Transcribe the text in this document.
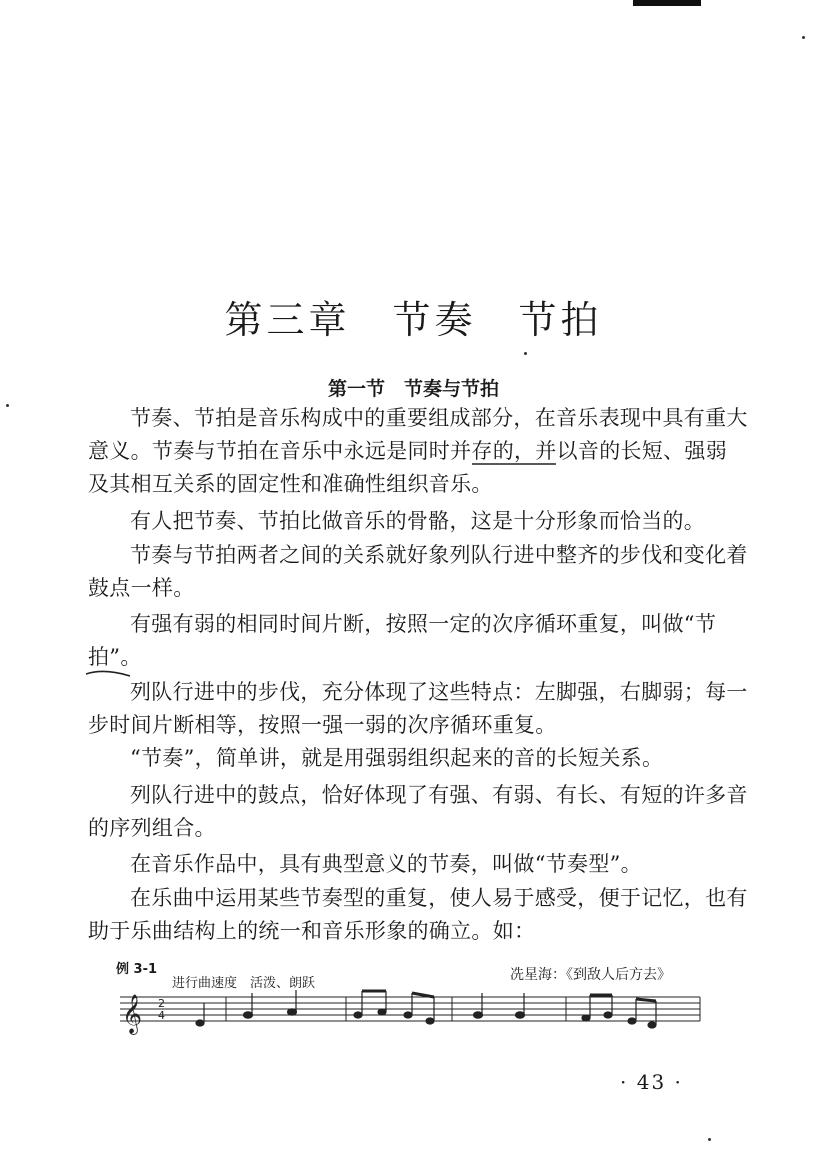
第三章　节奏　节拍
第一节　节奏与节拍

节奏、节拍是音乐构成中的重要组成部分，在音乐表现中具有重大意义。节奏与节拍在音乐中永远是同时并存的，并以音的长短、强弱及其相互关系的固定性和准确性组织音乐。

有人把节奏、节拍比做音乐的骨骼，这是十分形象而恰当的。

节奏与节拍两者之间的关系就好象列队行进中整齐的步伐和变化着鼓点一样。

有强有弱的相同时间片断，按照一定的次序循环重复，叫做“节拍”。

列队行进中的步伐，充分体现了这些特点：左脚强，右脚弱；每一步时间片断相等，按照一强一弱的次序循环重复。

“节奏”，简单讲，就是用强弱组织起来的音的长短关系。

列队行进中的鼓点，恰好体现了有强、有弱、有长、有短的许多音的序列组合。

在音乐作品中，具有典型意义的节奏，叫做“节奏型”。

在乐曲中运用某些节奏型的重复，使人易于感受，便于记忆，也有助于乐曲结构上的统一和音乐形象的确立。如：

例 3-1
进行曲速度　活泼、朗跃
冼星海：《到敌人后方去》
𝄞 2
4
· 43 ·
